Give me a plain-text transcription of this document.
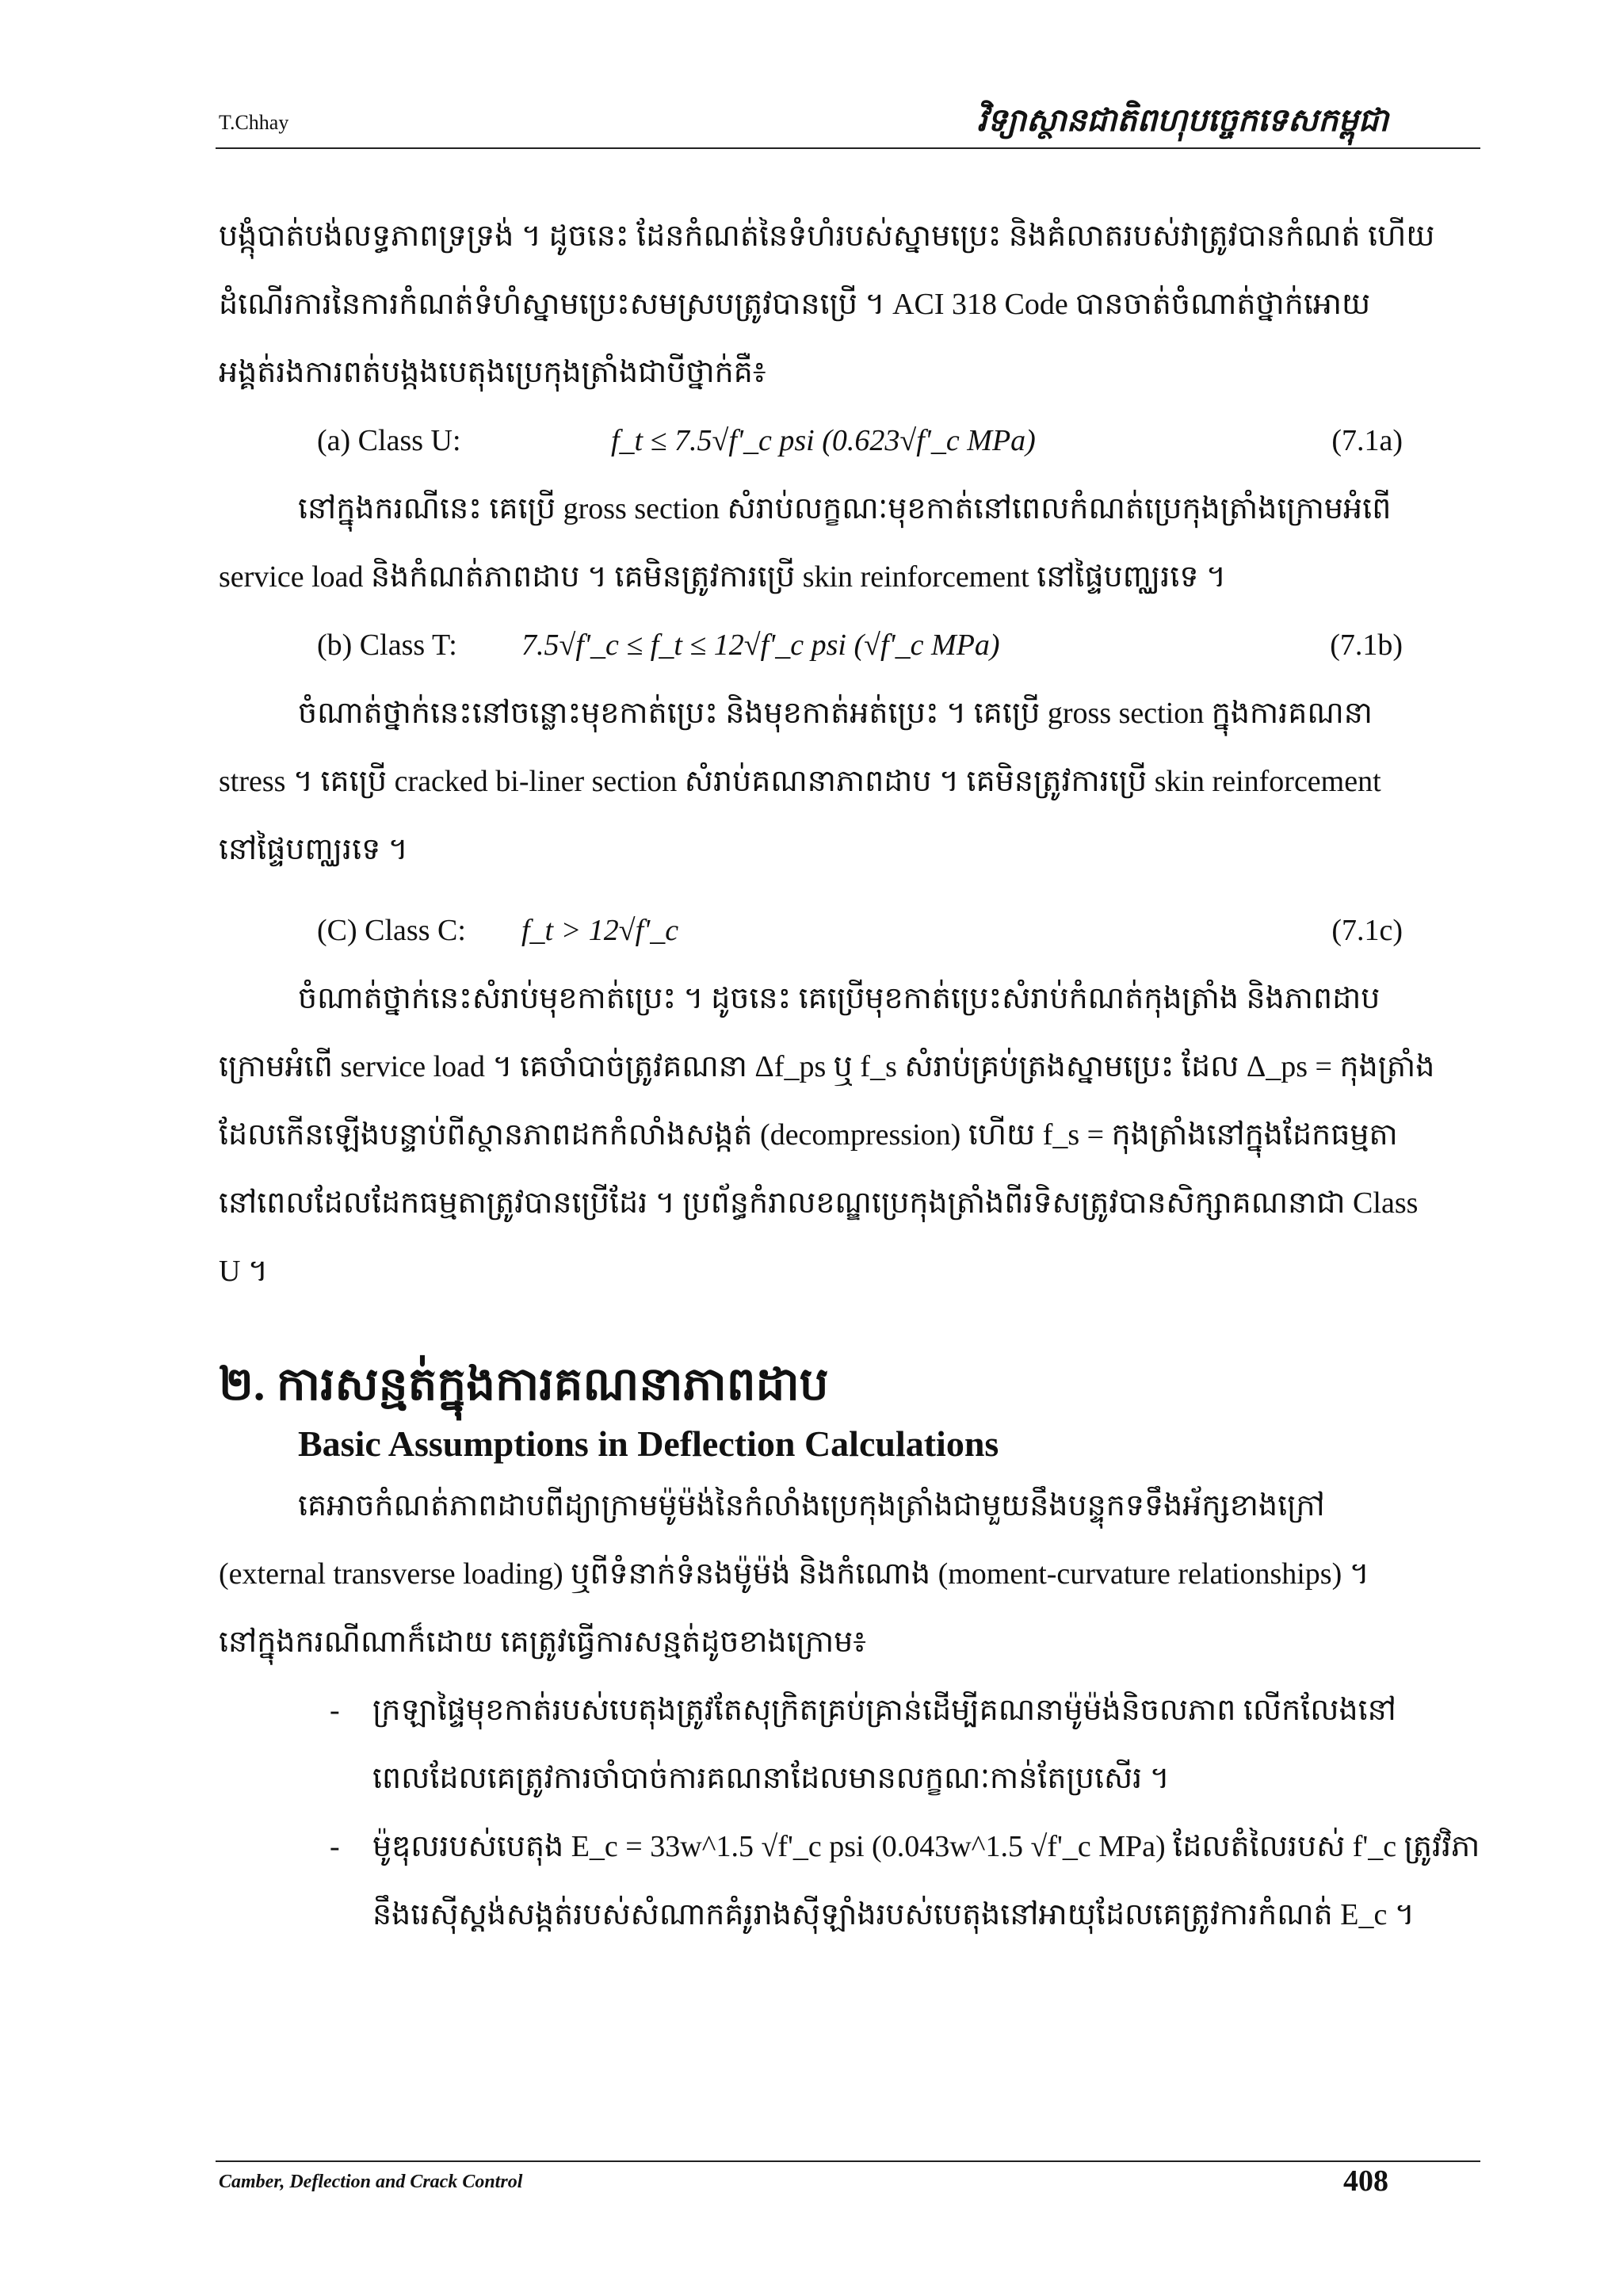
T.Chhay	វិទ្យាស្ថានជាតិពហុបច្ចេកទេសកម្ពុជា
បង្កុំបាត់បង់លទ្ធភាពទ្រទ្រង់ ។ ដូចនេះ ដែនកំណត់នៃទំហំរបស់ស្នាមប្រេះ និងគំលាតរបស់វាត្រូវបានកំណត់ ហើយ
ដំណើរការនៃការកំណត់ទំហំស្នាមប្រេះសមស្របត្រូវបានប្រើ ។ ACI 318 Code បានចាត់ចំណាត់ថ្នាក់អោយ
អង្គត់រងការពត់បង្កងបេតុងប្រេកុងត្រាំងជាបីថ្នាក់គឺ៖
(a) Class U:	f_t ≤ 7.5√f'_c psi (0.623√f'_c MPa)	(7.1a)
នៅក្នុងករណីនេះ គេប្រើ gross section សំរាប់លក្ខណៈមុខកាត់នៅពេលកំណត់ប្រេកុងត្រាំងក្រោមអំពើ
service load និងកំណត់ភាពដាប ។ គេមិនត្រូវការប្រើ skin reinforcement នៅផ្ទៃបញ្ឈរទេ ។
(b) Class T: 7.5√f'_c ≤ f_t ≤ 12√f'_c psi (√f'_c MPa)	(7.1b)
ចំណាត់ថ្នាក់នេះនៅចន្លោះមុខកាត់ប្រេះ និងមុខកាត់អត់ប្រេះ ។ គេប្រើ gross section ក្នុងការគណនា
stress ។ គេប្រើ cracked bi-liner section សំរាប់គណនាភាពដាប ។ គេមិនត្រូវការប្រើ skin reinforcement
នៅផ្ទៃបញ្ឈរទេ ។
(C) Class C: f_t > 12√f'_c	(7.1c)
ចំណាត់ថ្នាក់នេះសំរាប់មុខកាត់ប្រេះ ។ ដូចនេះ គេប្រើមុខកាត់ប្រេះសំរាប់កំណត់កុងត្រាំង និងភាពដាប
ក្រោមអំពើ service load ។ គេចាំបាច់ត្រូវគណនា Δf_ps ឬ f_s សំរាប់គ្រប់ត្រងស្នាមប្រេះ ដែល Δ_ps = កុងត្រាំង
ដែលកើនឡើងបន្ទាប់ពីស្ថានភាពដកកំលាំងសង្កត់ (decompression) ហើយ f_s = កុងត្រាំងនៅក្នុងដែកធម្មតា
នៅពេលដែលដែកធម្មតាត្រូវបានប្រើដែរ ។ ប្រព័ន្ធកំរាលខណ្ឌប្រេកុងត្រាំងពីរទិសត្រូវបានសិក្សាគណនាជា Class
U ។
២. ការសន្មត់ក្នុងការគណនាភាពដាប
Basic Assumptions in Deflection Calculations
គេអាចកំណត់ភាពដាបពីដ្យាក្រាមម៉ូម៉ង់នៃកំលាំងប្រេកុងត្រាំងជាមួយនឹងបន្ទុកទទឹងអ័ក្សខាងក្រៅ
(external transverse loading) ឬពីទំនាក់ទំនងម៉ូម៉ង់ និងកំណោង (moment-curvature relationships) ។
នៅក្នុងករណីណាក៏ដោយ គេត្រូវធ្វើការសន្មត់ដូចខាងក្រោម៖
- ក្រឡាផ្ទៃមុខកាត់របស់បេតុងត្រូវតែសុក្រិតគ្រប់គ្រាន់ដើម្បីគណនាម៉ូម៉ង់និចលភាព លើកលែងនៅ
ពេលដែលគេត្រូវការចាំបាច់ការគណនាដែលមានលក្ខណៈកាន់តែប្រសើរ ។
- ម៉ូឌុលរបស់បេតុង E_c = 33w^1.5 √f'_c psi (0.043w^1.5 √f'_c MPa) ដែលតំលៃរបស់ f'_c ត្រូវវិភា
នឹងរេស៊ីស្តង់សង្កត់របស់សំណាកគំរូរាងស៊ីឡាំងរបស់បេតុងនៅអាយុដែលគេត្រូវការកំណត់ E_c ។
Camber, Deflection and Crack Control	408
